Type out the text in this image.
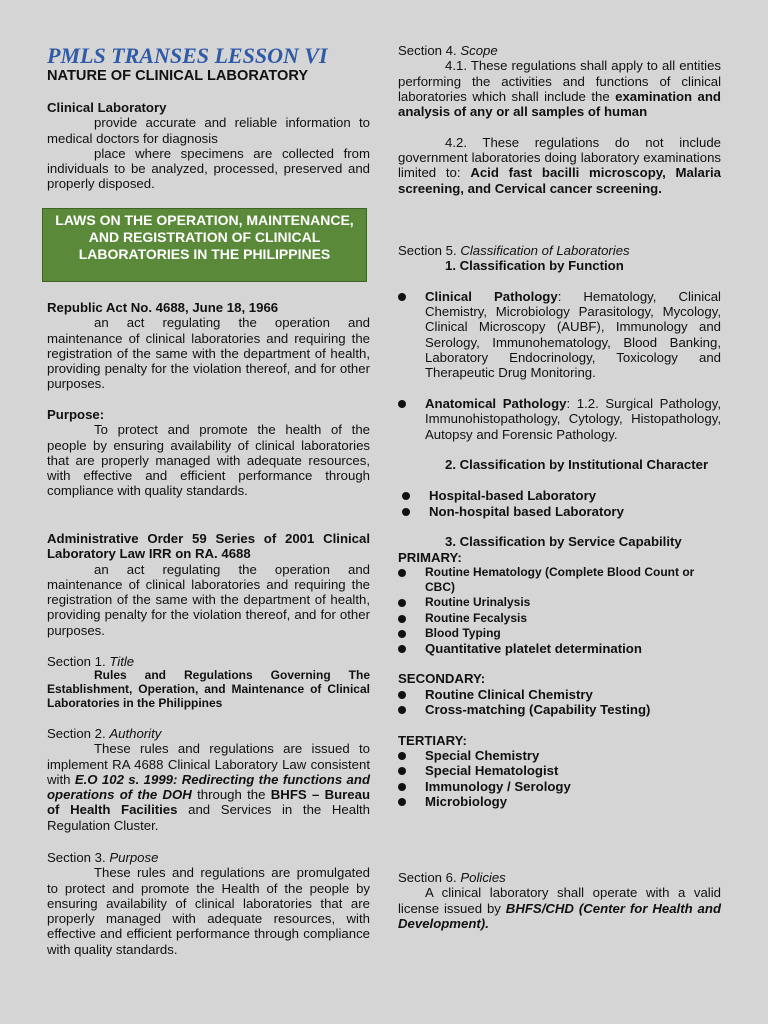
PMLS TRANSES LESSON VI
NATURE OF CLINICAL LABORATORY

Clinical Laboratory

provide accurate and reliable information to medical doctors for diagnosis

place where specimens are collected from individuals to be analyzed, processed, preserved and properly disposed.

LAWS ON THE OPERATION, MAINTENANCE, AND REGISTRATION OF CLINICAL LABORATORIES IN THE PHILIPPINES

Republic Act No. 4688, June 18, 1966

an act regulating the operation and maintenance of clinical laboratories and requiring the registration of the same with the department of health, providing penalty for the violation thereof, and for other purposes.

Purpose:

To protect and promote the health of the people by ensuring availability of clinical laboratories that are properly managed with adequate resources, with effective and efficient performance through compliance with quality standards.

Administrative Order 59 Series of 2001 Clinical Laboratory Law IRR on RA. 4688

an act regulating the operation and maintenance of clinical laboratories and requiring the registration of the same with the department of health, providing penalty for the violation thereof, and for other purposes.

Section 1. Title

Rules and Regulations Governing The Establishment, Operation, and Maintenance of Clinical Laboratories in the Philippines

Section 2. Authority

These rules and regulations are issued to implement RA 4688 Clinical Laboratory Law consistent with E.O 102 s. 1999: Redirecting the functions and operations of the DOH through the BHFS – Bureau of Health Facilities and Services in the Health Regulation Cluster.

Section 3. Purpose

These rules and regulations are promulgated to protect and promote the Health of the people by ensuring availability of clinical laboratories that are properly managed with adequate resources, with effective and efficient performance through compliance with quality standards.

Section 4. Scope

4.1. These regulations shall apply to all entities performing the activities and functions of clinical laboratories which shall include the examination and analysis of any or all samples of human

4.2. These regulations do not include government laboratories doing laboratory examinations limited to: Acid fast bacilli microscopy, Malaria screening, and Cervical cancer screening.

Section 5. Classification of Laboratories

1. Classification by Function

Clinical Pathology: Hematology, Clinical Chemistry, Microbiology Parasitology, Mycology, Clinical Microscopy (AUBF), Immunology and Serology, Immunohematology, Blood Banking, Laboratory Endocrinology, Toxicology and Therapeutic Drug Monitoring.
Anatomical Pathology: 1.2. Surgical Pathology, Immunohistopathology, Cytology, Histopathology, Autopsy and Forensic Pathology.

2. Classification by Institutional Character

Hospital-based Laboratory
Non-hospital based Laboratory

3. Classification by Service Capability

PRIMARY:

Routine Hematology (Complete Blood Count or CBC)
Routine Urinalysis
Routine Fecalysis
Blood Typing
Quantitative platelet determination

SECONDARY:

Routine Clinical Chemistry
Cross-matching (Capability Testing)

TERTIARY:

Special Chemistry
Special Hematologist
Immunology / Serology
Microbiology

Section 6. Policies

A clinical laboratory shall operate with a valid license issued by BHFS/CHD (Center for Health and Development).
